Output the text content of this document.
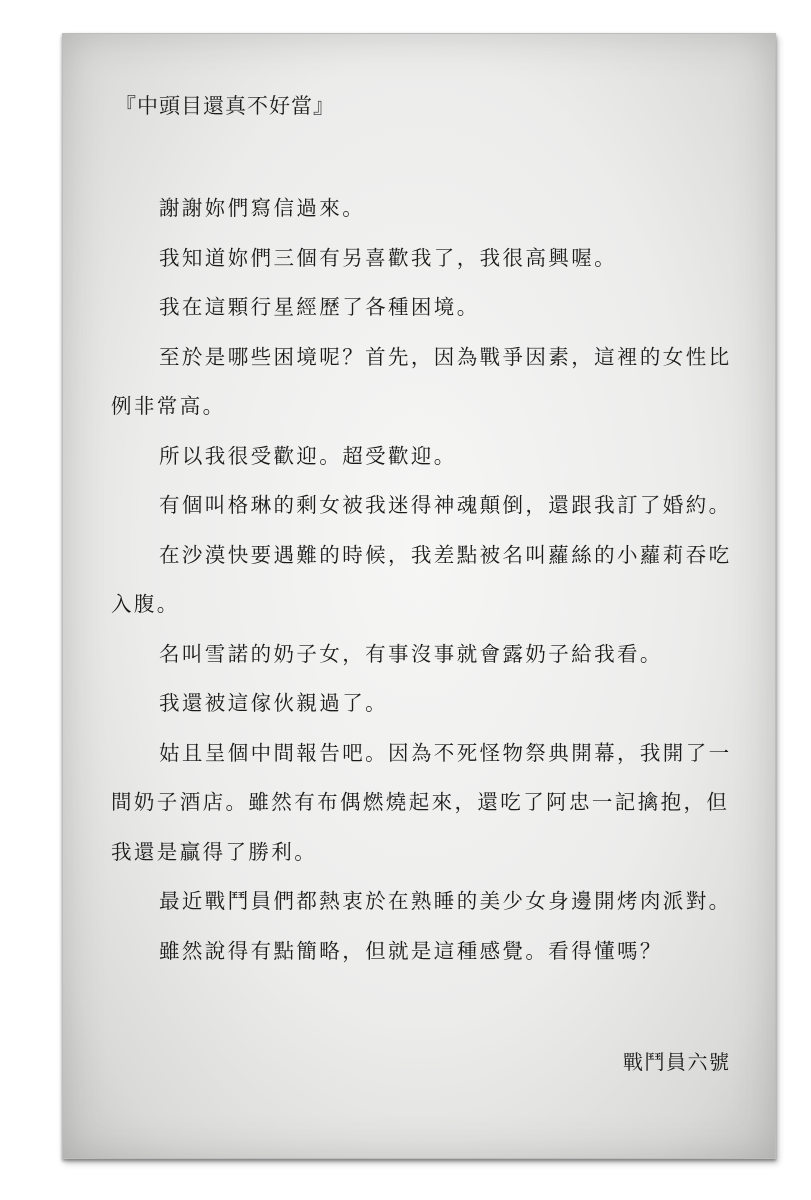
『中頭目還真不好當』

謝謝妳們寫信過來。

我知道妳們三個有另喜歡我了，我很高興喔。

我在這顆行星經歷了各種困境。

至於是哪些困境呢？首先，因為戰爭因素，這裡的女性比例非常高。

所以我很受歡迎。超受歡迎。

有個叫格琳的剩女被我迷得神魂顛倒，還跟我訂了婚約。

在沙漠快要遇難的時候，我差點被名叫蘿絲的小蘿莉吞吃入腹。

名叫雪諾的奶子女，有事沒事就會露奶子給我看。

我還被這傢伙親過了。

姑且呈個中間報告吧。因為不死怪物祭典開幕，我開了一間奶子酒店。雖然有布偶燃燒起來，還吃了阿忠一記擒抱，但我還是贏得了勝利。

最近戰鬥員們都熱衷於在熟睡的美少女身邊開烤肉派對。

雖然說得有點簡略，但就是這種感覺。看得懂嗎？

戰鬥員六號
